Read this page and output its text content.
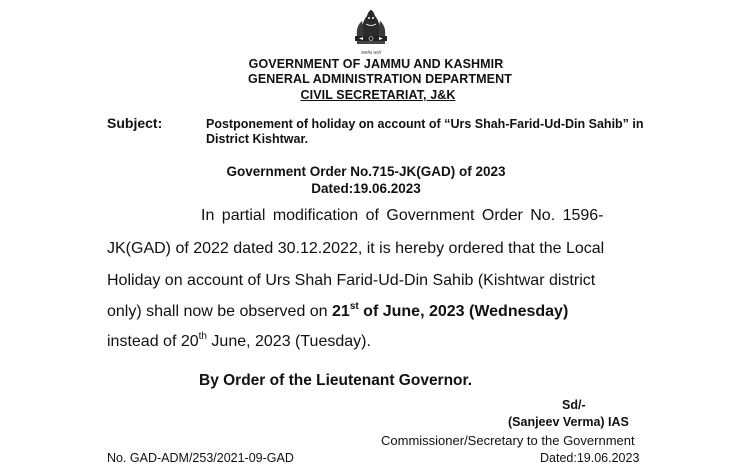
सत्यमेव जयते
GOVERNMENT OF JAMMU AND KASHMIR
GENERAL ADMINISTRATION DEPARTMENT
CIVIL SECRETARIAT, J&K
Subject:	Postponement of holiday on account of “Urs Shah-Farid-Ud-Din Sahib” in District Kishtwar.
Government Order No.715-JK(GAD) of 2023
Dated:19.06.2023
In partial modification of Government Order No. 1596-
JK(GAD) of 2022 dated 30.12.2022, it is hereby ordered that the Local
Holiday on account of Urs Shah Farid-Ud-Din Sahib (Kishtwar district
only) shall now be observed on 21st of June, 2023 (Wednesday)
instead of 20th June, 2023 (Tuesday).
By Order of the Lieutenant Governor.
Sd/-
(Sanjeev Verma) IAS
Commissioner/Secretary to the Government
No. GAD-ADM/253/2021-09-GAD	Dated:19.06.2023
